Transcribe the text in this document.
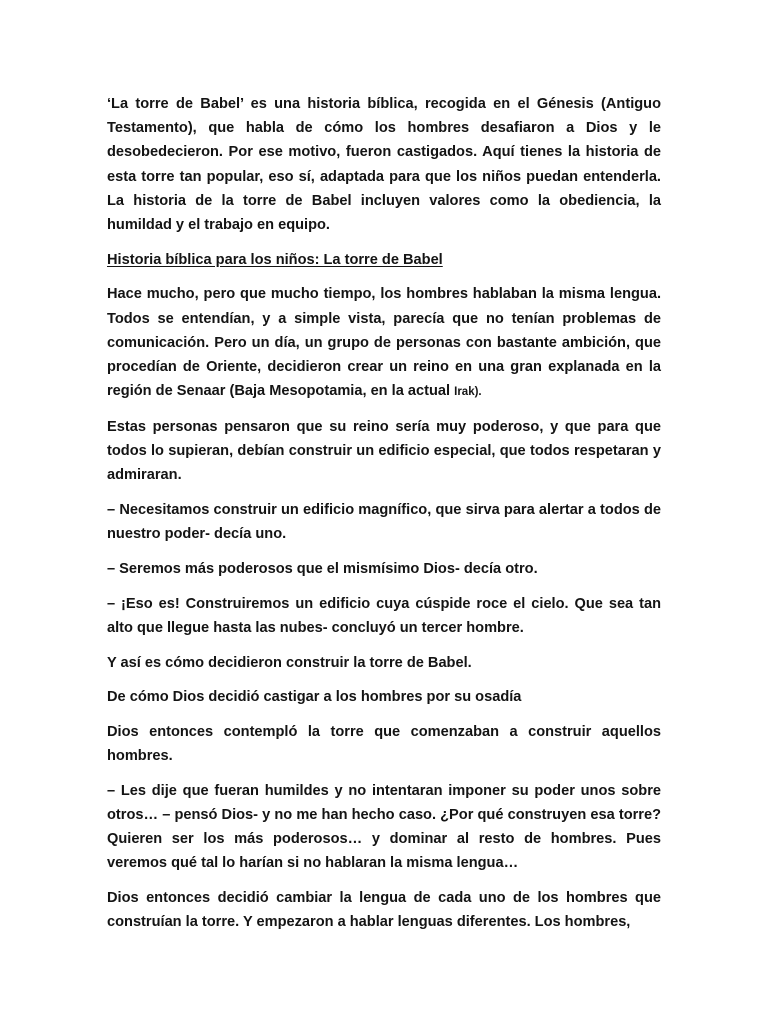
‘La torre de Babel’ es una historia bíblica, recogida en el Génesis (Antiguo Testamento), que habla de cómo los hombres desafiaron a Dios y le desobedecieron. Por ese motivo, fueron castigados. Aquí tienes la historia de esta torre tan popular, eso sí, adaptada para que los niños puedan entenderla. La historia de la torre de Babel incluyen valores como la obediencia, la humildad y el trabajo en equipo.

Historia bíblica para los niños: La torre de Babel

Hace mucho, pero que mucho tiempo, los hombres hablaban la misma lengua. Todos se entendían, y a simple vista, parecía que no tenían problemas de comunicación. Pero un día, un grupo de personas con bastante ambición, que procedían de Oriente, decidieron crear un reino en una gran explanada en la región de Senaar (Baja Mesopotamia, en la actual Irak).

Estas personas pensaron que su reino sería muy poderoso, y que para que todos lo supieran, debían construir un edificio especial, que todos respetaran y admiraran.

– Necesitamos construir un edificio magnífico, que sirva para alertar a todos de nuestro poder- decía uno.

– Seremos más poderosos que el mismísimo Dios- decía otro.

– ¡Eso es! Construiremos un edificio cuya cúspide roce el cielo. Que sea tan alto que llegue hasta las nubes- concluyó un tercer hombre.

Y así es cómo decidieron construir la torre de Babel.

De cómo Dios decidió castigar a los hombres por su osadía

Dios entonces contempló la torre que comenzaban a construir aquellos hombres.

– Les dije que fueran humildes y no intentaran imponer su poder unos sobre otros… – pensó Dios- y no me han hecho caso. ¿Por qué construyen esa torre? Quieren ser los más poderosos… y dominar al resto de hombres. Pues veremos qué tal lo harían si no hablaran la misma lengua…

Dios entonces decidió cambiar la lengua de cada uno de los hombres que construían la torre. Y empezaron a hablar lenguas diferentes. Los hombres,
